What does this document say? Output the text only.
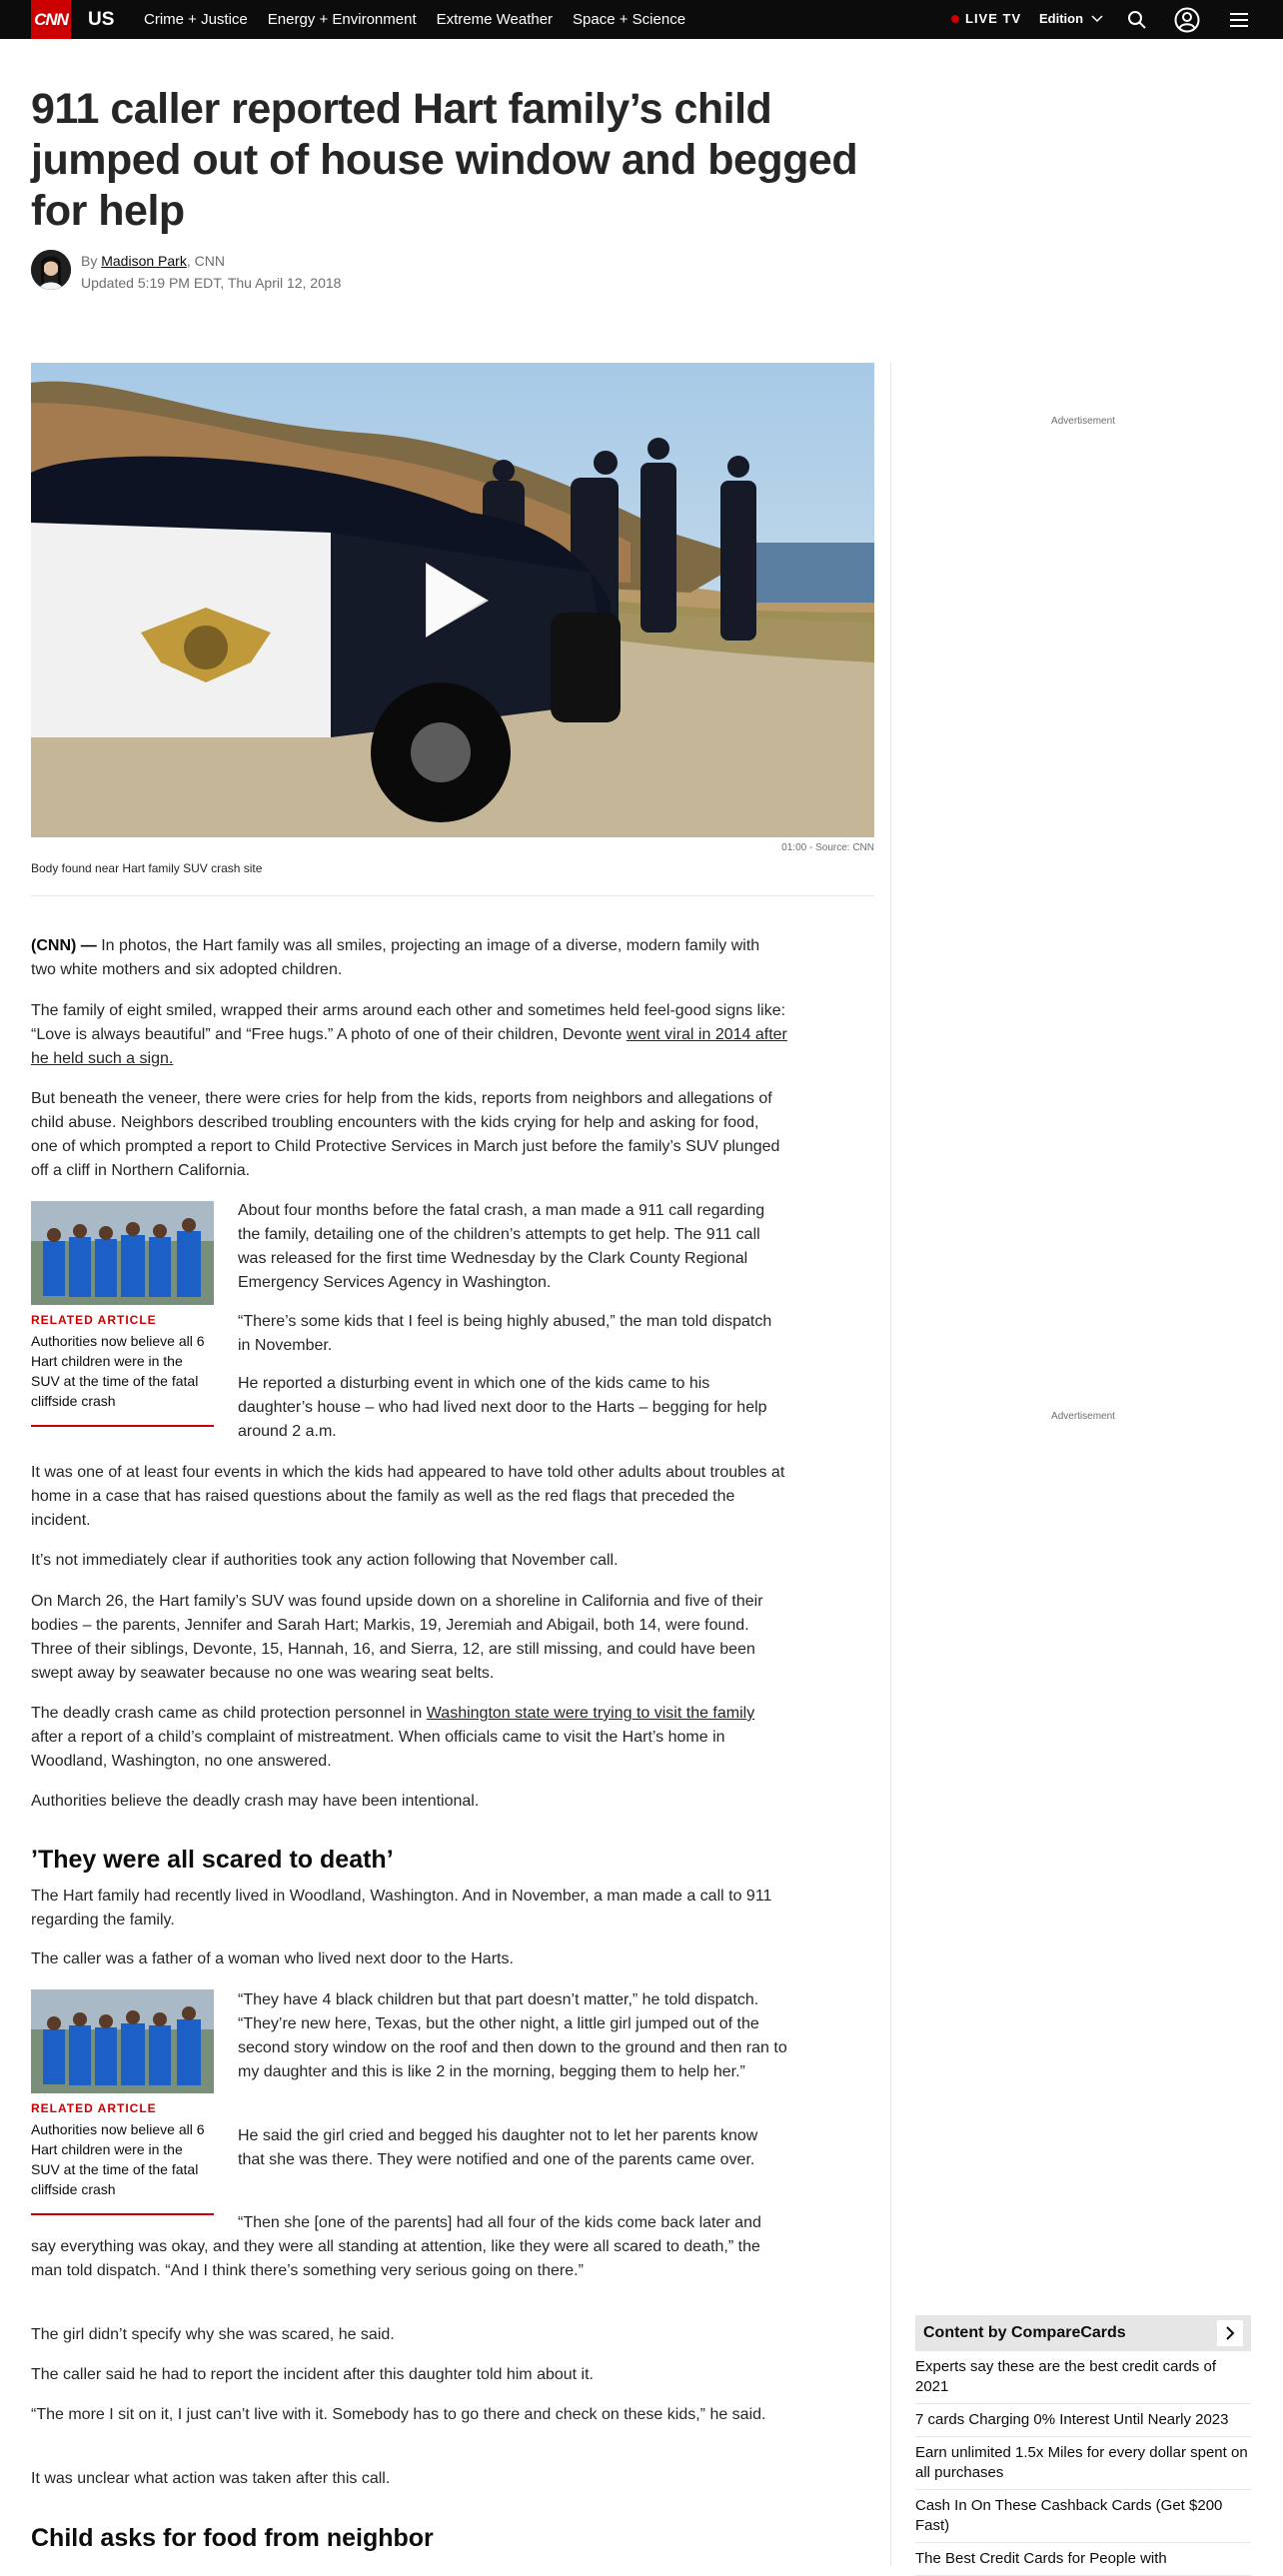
CNN US Crime + Justice Energy + Environment Extreme Weather Space + Science	LIVE TV Edition
911 caller reported Hart family’s child jumped out of house window and begged for help
By Madison Park, CNN
Updated 5:19 PM EDT, Thu April 12, 2018
01:00 - Source: CNN
Body found near Hart family SUV crash site

(CNN) — In photos, the Hart family was all smiles, projecting an image of a diverse, modern family with two white mothers and six adopted children.

The family of eight smiled, wrapped their arms around each other and sometimes held feel-good signs like: “Love is always beautiful” and “Free hugs.” A photo of one of their children, Devonte went viral in 2014 after he held such a sign.

But beneath the veneer, there were cries for help from the kids, reports from neighbors and allegations of child abuse. Neighbors described troubling encounters with the kids crying for help and asking for food, one of which prompted a report to Child Protective Services in March just before the family’s SUV plunged off a cliff in Northern California.

RELATED ARTICLE
Authorities now believe all 6 Hart children were in the SUV at the time of the fatal cliffside crash

About four months before the fatal crash, a man made a 911 call regarding the family, detailing one of the children’s attempts to get help. The 911 call was released for the first time Wednesday by the Clark County Regional Emergency Services Agency in Washington.

“There’s some kids that I feel is being highly abused,” the man told dispatch in November.

He reported a disturbing event in which one of the kids came to his daughter’s house – who had lived next door to the Harts – begging for help around 2 a.m.

It was one of at least four events in which the kids had appeared to have told other adults about troubles at home in a case that has raised questions about the family as well as the red flags that preceded the incident.

It’s not immediately clear if authorities took any action following that November call.

On March 26, the Hart family’s SUV was found upside down on a shoreline in California and five of their bodies – the parents, Jennifer and Sarah Hart; Markis, 19, Jeremiah and Abigail, both 14, were found. Three of their siblings, Devonte, 15, Hannah, 16, and Sierra, 12, are still missing, and could have been swept away by seawater because no one was wearing seat belts.

The deadly crash came as child protection personnel in Washington state were trying to visit the family after a report of a child’s complaint of mistreatment. When officials came to visit the Hart’s home in Woodland, Washington, no one answered.

Authorities believe the deadly crash may have been intentional.

’They were all scared to death’

The Hart family had recently lived in Woodland, Washington. And in November, a man made a call to 911 regarding the family.

The caller was a father of a woman who lived next door to the Harts.

RELATED ARTICLE
Authorities now believe all 6 Hart children were in the SUV at the time of the fatal cliffside crash

“They have 4 black children but that part doesn’t matter,” he told dispatch. “They’re new here, Texas, but the other night, a little girl jumped out of the second story window on the roof and then down to the ground and then ran to my daughter and this is like 2 in the morning, begging them to help her.”

He said the girl cried and begged his daughter not to let her parents know that she was there. They were notified and one of the parents came over.

“Then she [one of the parents] had all four of the kids come back later and say everything was okay, and they were all standing at attention, like they were all scared to death,” the man told dispatch. “And I think there’s something very serious going on there.”

The girl didn’t specify why she was scared, he said.

The caller said he had to report the incident after this daughter told him about it.

“The more I sit on it, I just can’t live with it. Somebody has to go there and check on these kids,” he said.

It was unclear what action was taken after this call.

Child asks for food from neighbor
Advertisement
Advertisement
Content by CompareCards
Experts say these are the best credit cards of 2021
7 cards Charging 0% Interest Until Nearly 2023
Earn unlimited 1.5x Miles for every dollar spent on all purchases
Cash In On These Cashback Cards (Get $200 Fast)
The Best Credit Cards for People with
